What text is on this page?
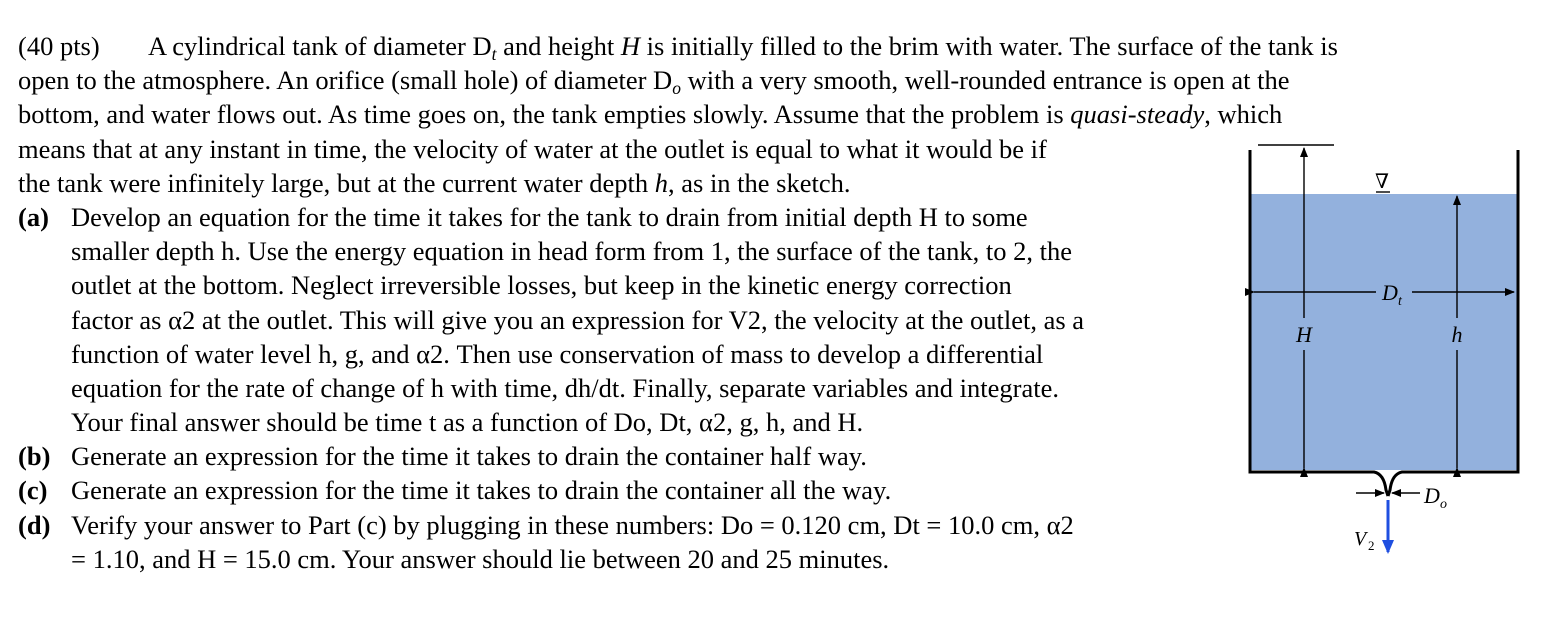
(40 pts) A cylindrical tank of diameter $D_t$ and height H is initially filled to the brim with water. The surface of the tank is
open to the atmosphere. An orifice (small hole) of diameter $D_o$ with a very smooth, well-rounded entrance is open at the
bottom, and water flows out. As time goes on, the tank empties slowly. Assume that the problem is quasi-steady, which
means that at any instant in time, the velocity of water at the outlet is equal to what it would be if
the tank were infinitely large, but at the current water depth h, as in the sketch.
(a) Develop an equation for the time it takes for the tank to drain from initial depth H to some
smaller depth h. Use the energy equation in head form from 1, the surface of the tank, to 2, the
outlet at the bottom. Neglect irreversible losses, but keep in the kinetic energy correction
factor as α2 at the outlet. This will give you an expression for V2, the velocity at the outlet, as a
function of water level h, g, and α2. Then use conservation of mass to develop a differential
equation for the rate of change of h with time, dh/dt. Finally, separate variables and integrate.
Your final answer should be time t as a function of Do, Dt, α2, g, h, and H.
(b) Generate an expression for the time it takes to drain the container half way.
(c) Generate an expression for the time it takes to drain the container all the way.
(d) Verify your answer to Part (c) by plugging in these numbers: Do = 0.120 cm, Dt = 10.0 cm, α2
= 1.10, and H = 15.0 cm. Your answer should lie between 20 and 25 minutes.
H	h
D t
∇
D o
V 2
